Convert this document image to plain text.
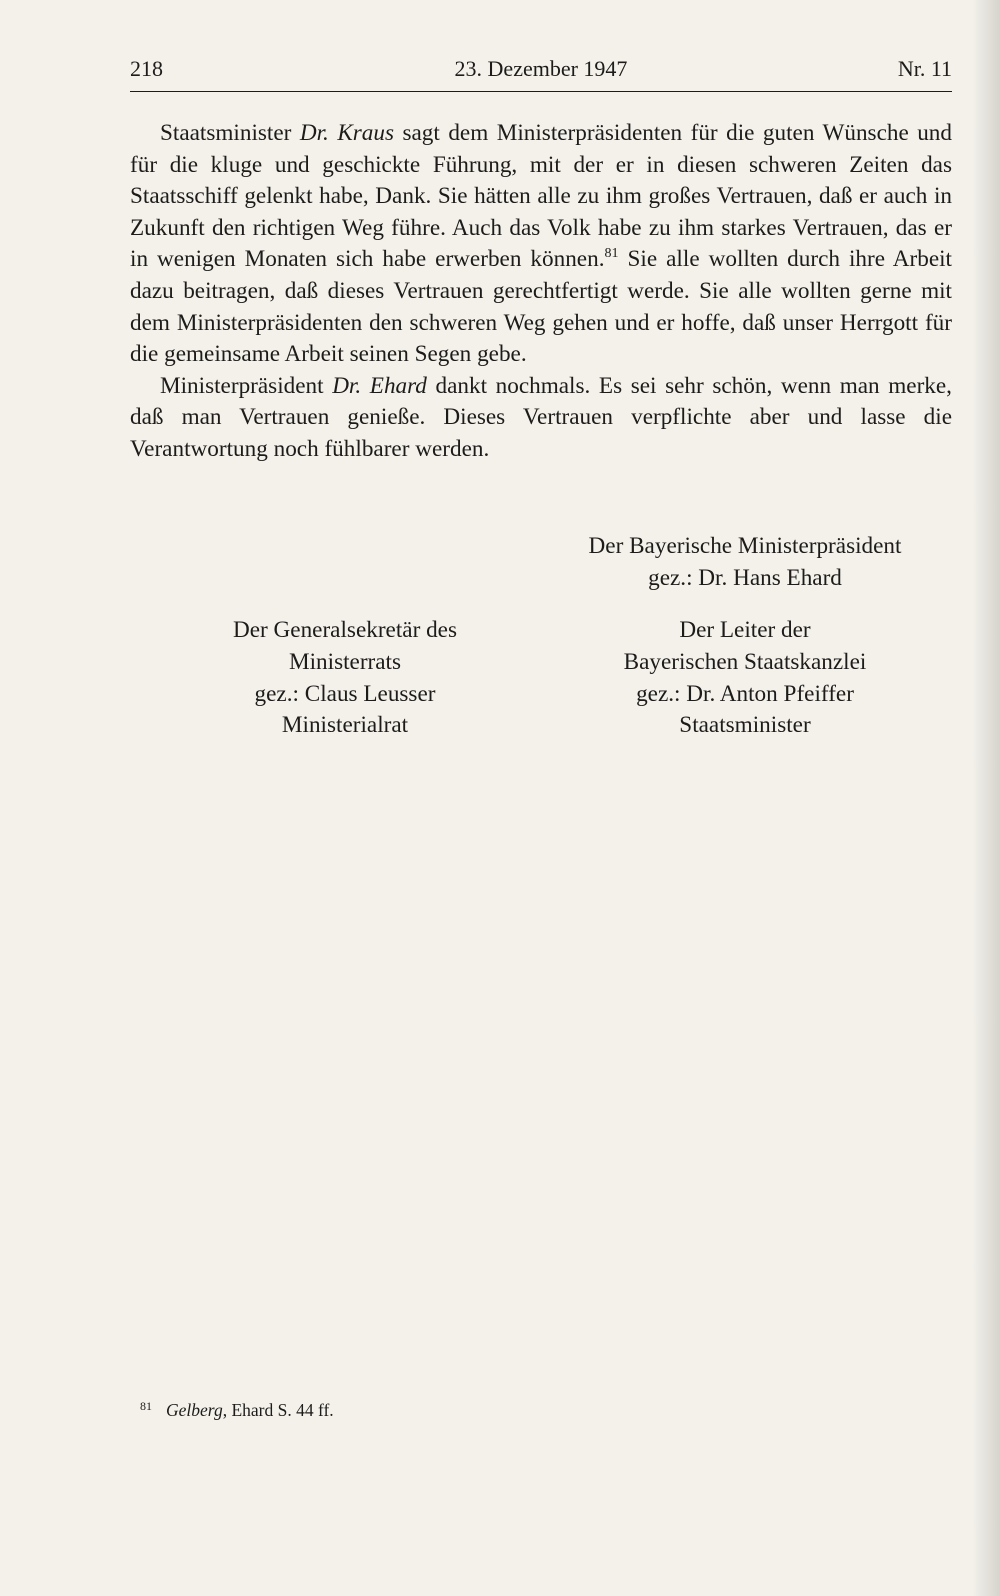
218	23. Dezember 1947	Nr. 11

Staatsminister Dr. Kraus sagt dem Ministerpräsidenten für die guten Wünsche und für die kluge und geschickte Führung, mit der er in diesen schweren Zeiten das Staatsschiff gelenkt habe, Dank. Sie hätten alle zu ihm großes Vertrauen, daß er auch in Zukunft den richtigen Weg führe. Auch das Volk habe zu ihm starkes Vertrauen, das er in wenigen Monaten sich habe erwerben können.$^{81}$ Sie alle wollten durch ihre Arbeit dazu beitragen, daß dieses Vertrauen gerechtfertigt werde. Sie alle wollten gerne mit dem Ministerpräsidenten den schweren Weg gehen und er hoffe, daß unser Herrgott für die gemeinsame Arbeit seinen Segen gebe.

Ministerpräsident Dr. Ehard dankt nochmals. Es sei sehr schön, wenn man merke, daß man Vertrauen genieße. Dieses Vertrauen verpflichte aber und lasse die Verantwortung noch fühlbarer werden.

Der Bayerische Ministerpräsident
gez.: Dr. Hans Ehard
Der Generalsekretär des
Ministerrats
gez.: Claus Leusser
Ministerialrat
Der Leiter der
Bayerischen Staatskanzlei
gez.: Dr. Anton Pfeiffer
Staatsminister
$^{81}$ Gelberg, Ehard S. 44 ff.
